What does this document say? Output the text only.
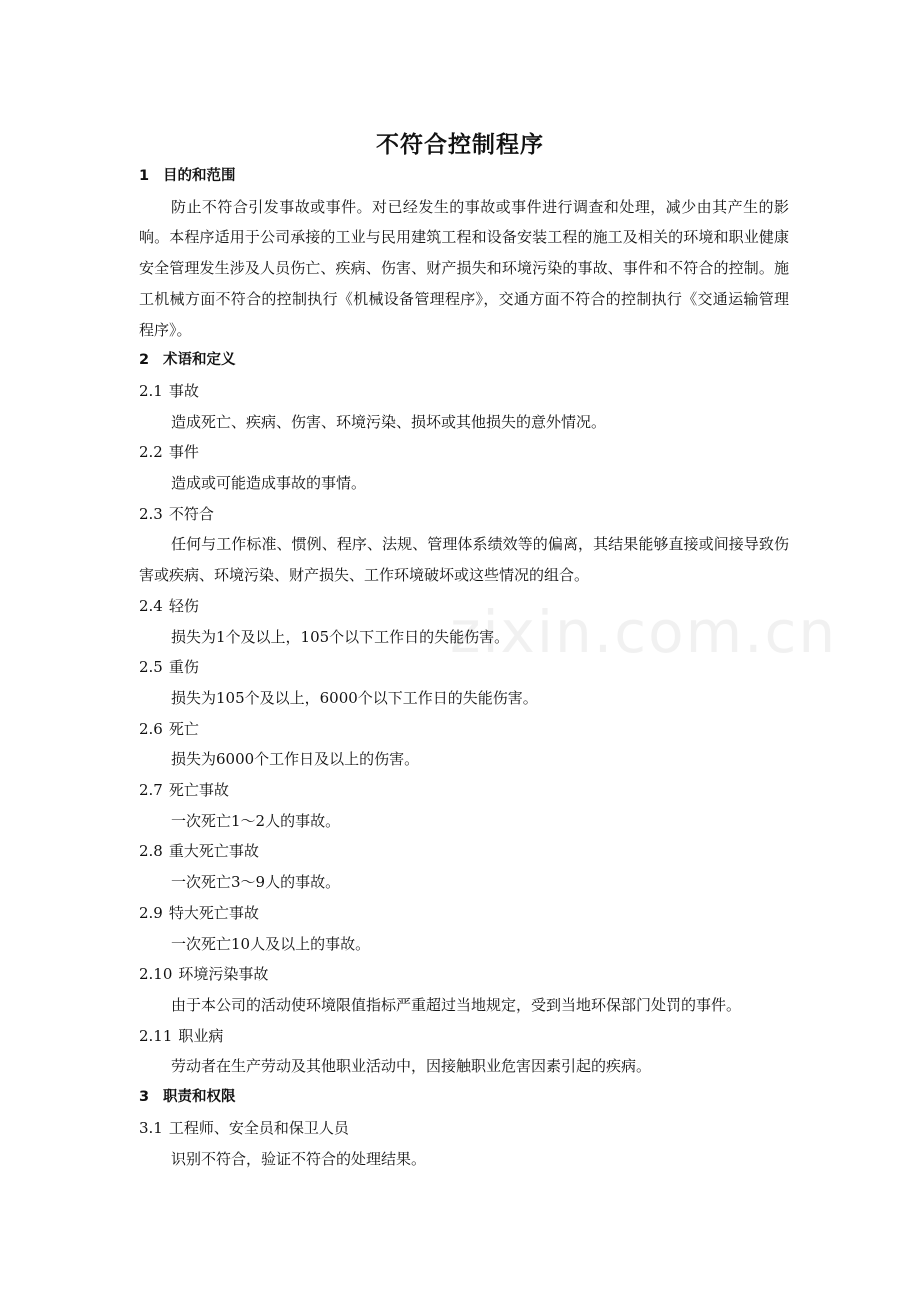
zixin.com.cn
不符合控制程序
1 目的和范围
防止不符合引发事故或事件。对已经发生的事故或事件进行调查和处理，减少由其产生的影响。本程序适用于公司承接的工业与民用建筑工程和设备安装工程的施工及相关的环境和职业健康安全管理发生涉及人员伤亡、疾病、伤害、财产损失和环境污染的事故、事件和不符合的控制。施工机械方面不符合的控制执行《机械设备管理程序》，交通方面不符合的控制执行《交通运输管理程序》。
2 术语和定义
2.1 事故
造成死亡、疾病、伤害、环境污染、损坏或其他损失的意外情况。
2.2 事件
造成或可能造成事故的事情。
2.3 不符合
任何与工作标准、惯例、程序、法规、管理体系绩效等的偏离，其结果能够直接或间接导致伤害或疾病、环境污染、财产损失、工作环境破坏或这些情况的组合。
2.4 轻伤
损失为1个及以上，105个以下工作日的失能伤害。
2.5 重伤
损失为105个及以上，6000个以下工作日的失能伤害。
2.6 死亡
损失为6000个工作日及以上的伤害。
2.7 死亡事故
一次死亡1～2人的事故。
2.8 重大死亡事故
一次死亡3～9人的事故。
2.9 特大死亡事故
一次死亡10人及以上的事故。
2.10 环境污染事故
由于本公司的活动使环境限值指标严重超过当地规定，受到当地环保部门处罚的事件。
2.11 职业病
劳动者在生产劳动及其他职业活动中，因接触职业危害因素引起的疾病。
3 职责和权限
3.1 工程师、安全员和保卫人员
识别不符合，验证不符合的处理结果。
